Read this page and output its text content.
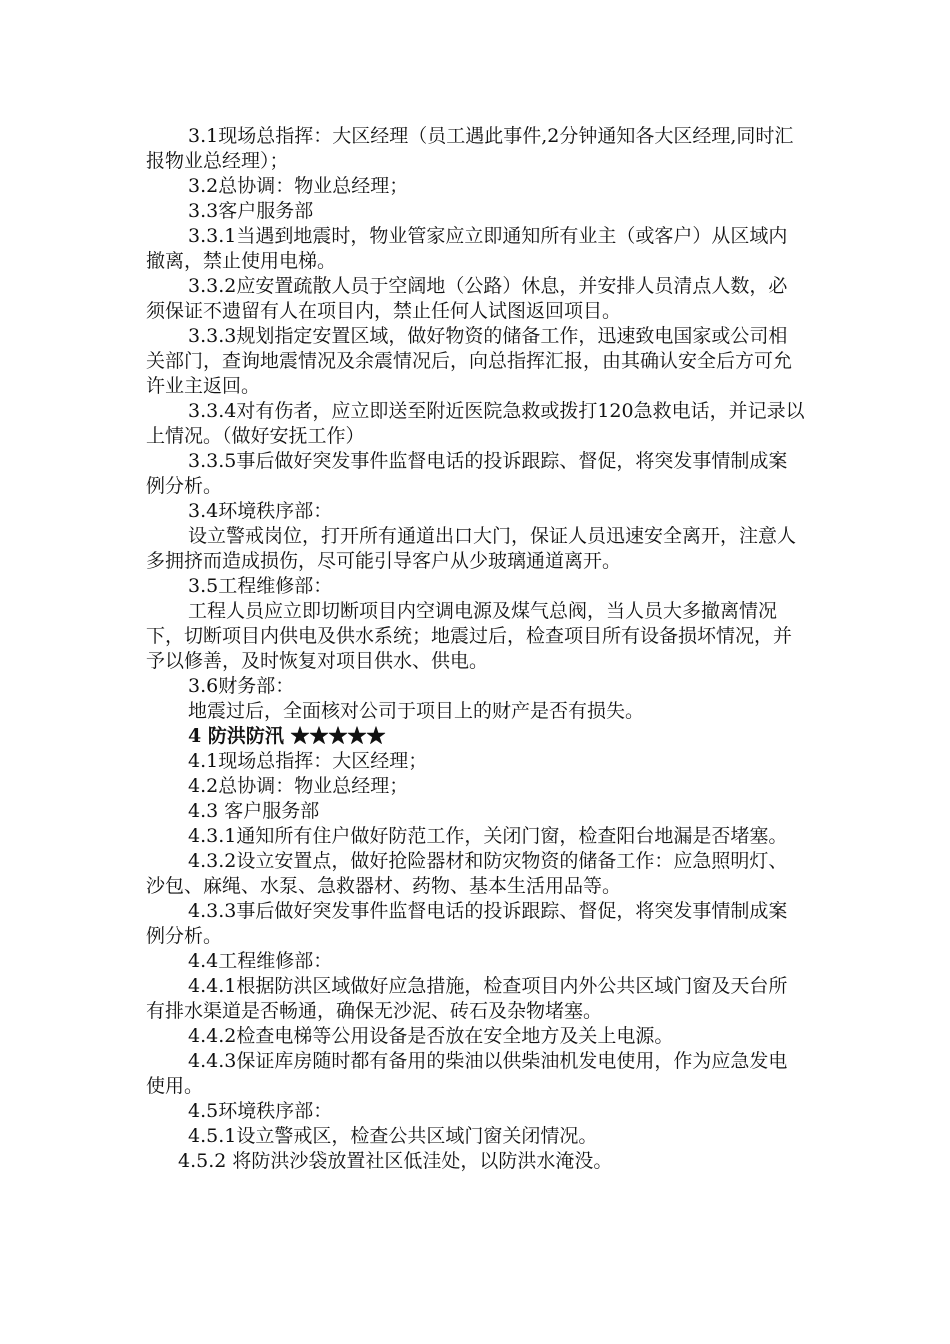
3.1现场总指挥：大区经理（员工遇此事件,2分钟通知各大区经理,同时汇报物业总经理）；

3.2总协调：物业总经理；

3.3客户服务部

3.3.1当遇到地震时，物业管家应立即通知所有业主（或客户）从区域内撤离，禁止使用电梯。

3.3.2应安置疏散人员于空阔地（公路）休息，并安排人员清点人数，必须保证不遗留有人在项目内，禁止任何人试图返回项目。

3.3.3规划指定安置区域，做好物资的储备工作，迅速致电国家或公司相关部门，查询地震情况及余震情况后，向总指挥汇报，由其确认安全后方可允许业主返回。

3.3.4对有伤者，应立即送至附近医院急救或拨打120急救电话，并记录以上情况。（做好安抚工作）

3.3.5事后做好突发事件监督电话的投诉跟踪、督促，将突发事情制成案例分析。

3.4环境秩序部：

设立警戒岗位，打开所有通道出口大门，保证人员迅速安全离开，注意人多拥挤而造成损伤，尽可能引导客户从少玻璃通道离开。

3.5工程维修部：

工程人员应立即切断项目内空调电源及煤气总阀，当人员大多撤离情况下，切断项目内供电及供水系统；地震过后，检查项目所有设备损坏情况，并予以修善，及时恢复对项目供水、供电。

3.6财务部：

地震过后，全面核对公司于项目上的财产是否有损失。

4 防洪防汛 ★★★★★

4.1现场总指挥：大区经理；

4.2总协调：物业总经理；

4.3 客户服务部

4.3.1通知所有住户做好防范工作，关闭门窗，检查阳台地漏是否堵塞。

4.3.2设立安置点，做好抢险器材和防灾物资的储备工作：应急照明灯、沙包、麻绳、水泵、急救器材、药物、基本生活用品等。

4.3.3事后做好突发事件监督电话的投诉跟踪、督促，将突发事情制成案例分析。

4.4工程维修部：

4.4.1根据防洪区域做好应急措施，检查项目内外公共区域门窗及天台所有排水渠道是否畅通，确保无沙泥、砖石及杂物堵塞。

4.4.2检查电梯等公用设备是否放在安全地方及关上电源。

4.4.3保证库房随时都有备用的柴油以供柴油机发电使用，作为应急发电使用。

4.5环境秩序部：

4.5.1设立警戒区，检查公共区域门窗关闭情况。

4.5.2 将防洪沙袋放置社区低洼处，以防洪水淹没。
